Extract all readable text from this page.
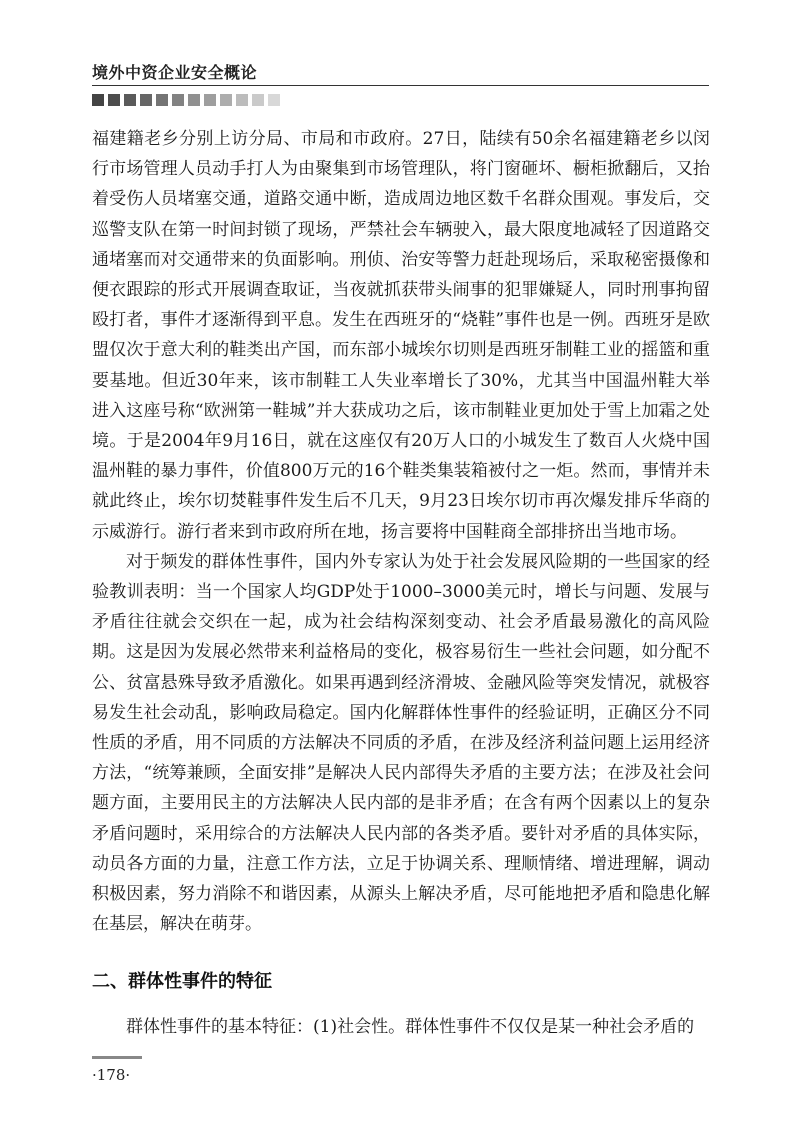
境外中资企业安全概论

福建籍老乡分别上访分局、市局和市政府。27日，陆续有50余名福建籍老乡以闵行市场管理人员动手打人为由聚集到市场管理队，将门窗砸坏、橱柜掀翻后，又抬着受伤人员堵塞交通，道路交通中断，造成周边地区数千名群众围观。事发后，交巡警支队在第一时间封锁了现场，严禁社会车辆驶入，最大限度地减轻了因道路交通堵塞而对交通带来的负面影响。刑侦、治安等警力赶赴现场后，采取秘密摄像和便衣跟踪的形式开展调查取证，当夜就抓获带头闹事的犯罪嫌疑人，同时刑事拘留殴打者，事件才逐渐得到平息。发生在西班牙的“烧鞋”事件也是一例。西班牙是欧盟仅次于意大利的鞋类出产国，而东部小城埃尔切则是西班牙制鞋工业的摇篮和重要基地。但近30年来，该市制鞋工人失业率增长了30%，尤其当中国温州鞋大举进入这座号称“欧洲第一鞋城”并大获成功之后，该市制鞋业更加处于雪上加霜之处境。于是2004年9月16日，就在这座仅有20万人口的小城发生了数百人火烧中国温州鞋的暴力事件，价值800万元的16个鞋类集装箱被付之一炬。然而，事情并未就此终止，埃尔切焚鞋事件发生后不几天，9月23日埃尔切市再次爆发排斥华商的示威游行。游行者来到市政府所在地，扬言要将中国鞋商全部排挤出当地市场。

对于频发的群体性事件，国内外专家认为处于社会发展风险期的一些国家的经验教训表明：当一个国家人均GDP处于1000–3000美元时，增长与问题、发展与矛盾往往就会交织在一起，成为社会结构深刻变动、社会矛盾最易激化的高风险期。这是因为发展必然带来利益格局的变化，极容易衍生一些社会问题，如分配不公、贫富悬殊导致矛盾激化。如果再遇到经济滑坡、金融风险等突发情况，就极容易发生社会动乱，影响政局稳定。国内化解群体性事件的经验证明，正确区分不同性质的矛盾，用不同质的方法解决不同质的矛盾，在涉及经济利益问题上运用经济方法，“统筹兼顾，全面安排”是解决人民内部得失矛盾的主要方法；在涉及社会问题方面，主要用民主的方法解决人民内部的是非矛盾；在含有两个因素以上的复杂矛盾问题时，采用综合的方法解决人民内部的各类矛盾。要针对矛盾的具体实际，动员各方面的力量，注意工作方法，立足于协调关系、理顺情绪、增进理解，调动积极因素，努力消除不和谐因素，从源头上解决矛盾，尽可能地把矛盾和隐患化解在基层，解决在萌芽。

二、群体性事件的特征
群体性事件的基本特征：(1)社会性。群体性事件不仅仅是某一种社会矛盾的
·178·
